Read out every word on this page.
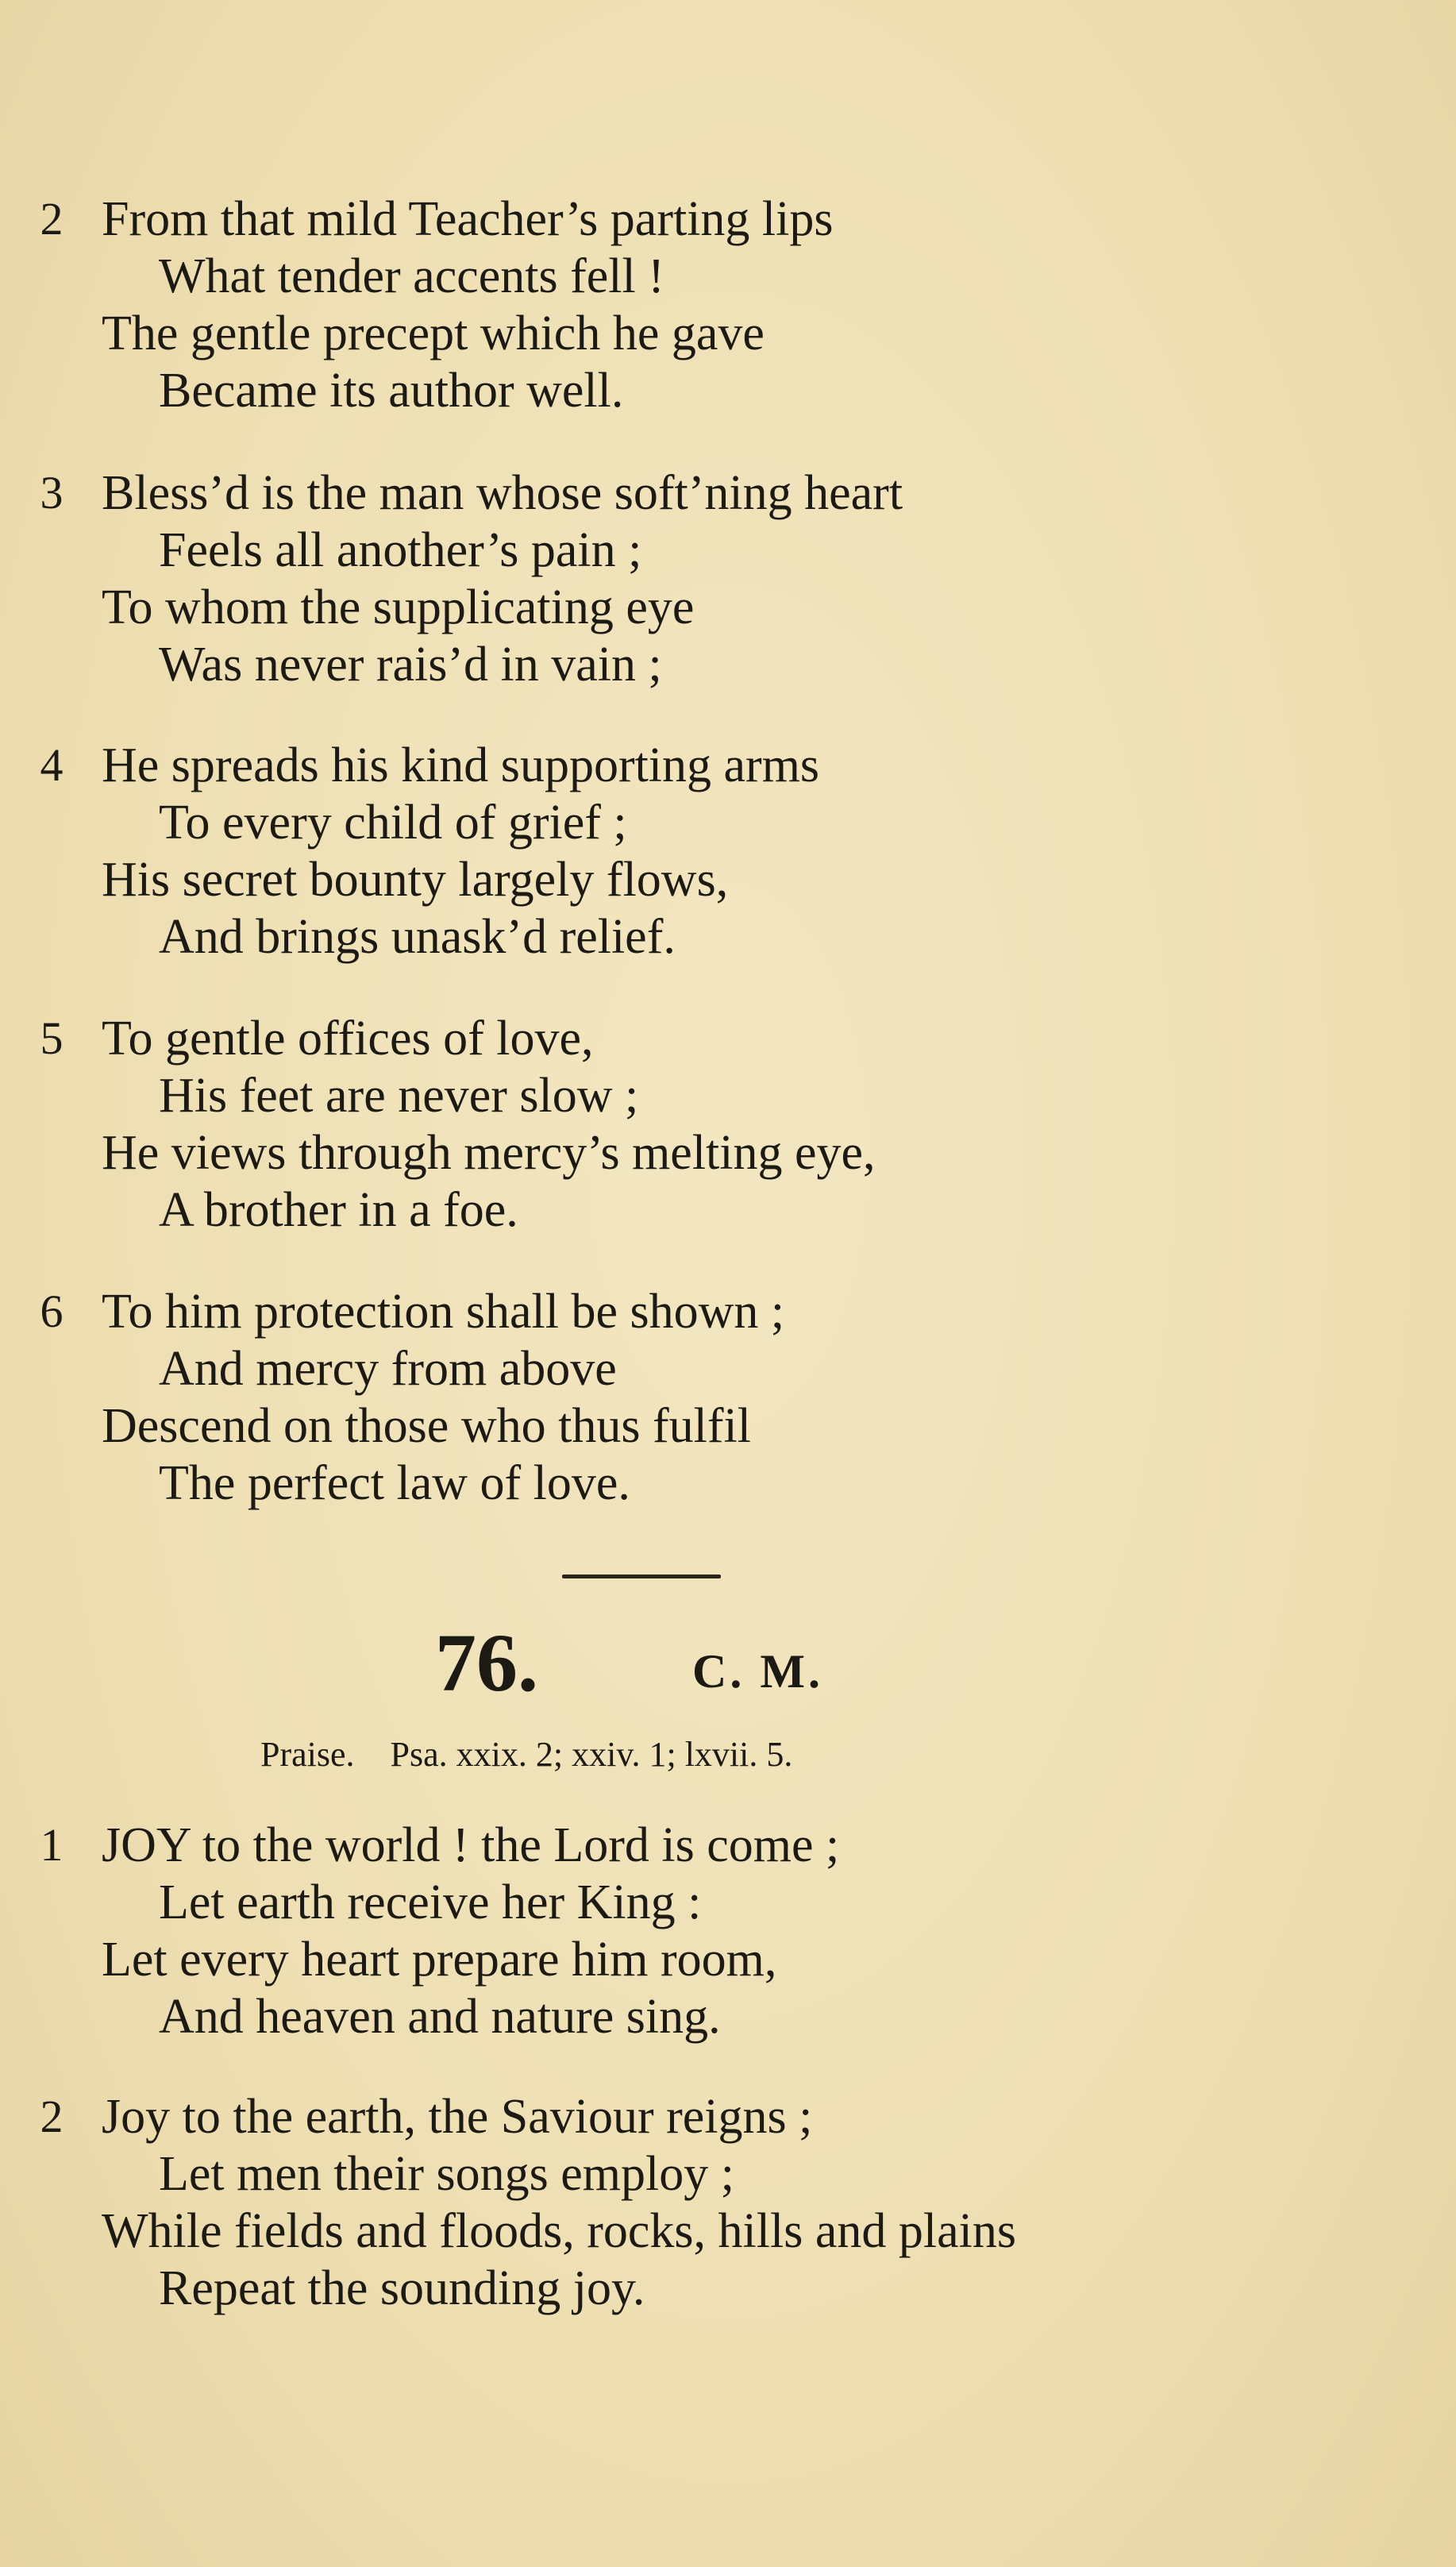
2 From that mild Teacher’s parting lips
What tender accents fell !
The gentle precept which he gave
Became its author well.
3 Bless’d is the man whose soft’ning heart
Feels all another’s pain ;
To whom the supplicating eye
Was never rais’d in vain ;
4 He spreads his kind supporting arms
To every child of grief ;
His secret bounty largely flows,
And brings unask’d relief.
5 To gentle offices of love,
His feet are never slow ;
He views through mercy’s melting eye,
A brother in a foe.
6 To him protection shall be shown ;
And mercy from above
Descend on those who thus fulfil
The perfect law of love.
76.	C. M.
Praise. Psa. xxix. 2; xxiv. 1; lxvii. 5.
1 JOY to the world ! the Lord is come ;
Let earth receive her King :
Let every heart prepare him room,
And heaven and nature sing.
2 Joy to the earth, the Saviour reigns ;
Let men their songs employ ;
While fields and floods, rocks, hills and plains
Repeat the sounding joy.
